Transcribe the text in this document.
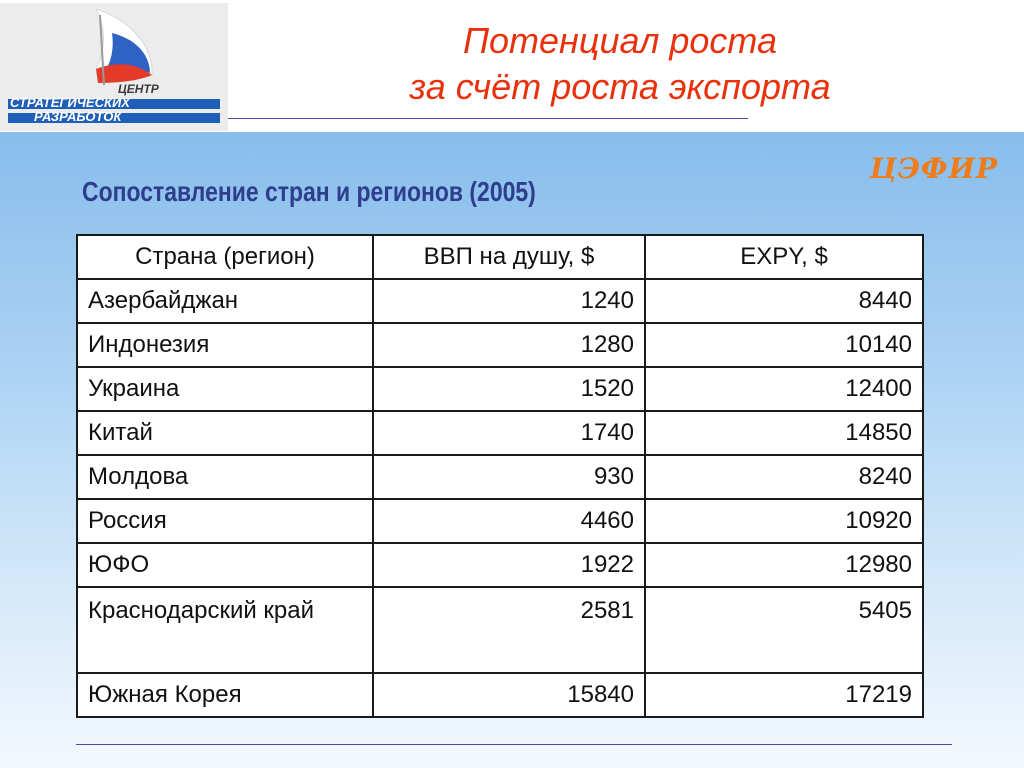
ЦЕНТР
СТРАТЕГИЧЕСКИХ
РАЗРАБОТОК
Потенциал роста
за счёт роста экспорта
ЦЭФИР
Сопоставление стран и регионов (2005)
Страна (регион)	ВВП на душу, $	EXPY, $
Азербайджан	1240	8440
Индонезия	1280	10140
Украина	1520	12400
Китай	1740	14850
Молдова	930	8240
Россия	4460	10920
ЮФО	1922	12980
Краснодарский край	2581	5405
Южная Корея	15840	17219
